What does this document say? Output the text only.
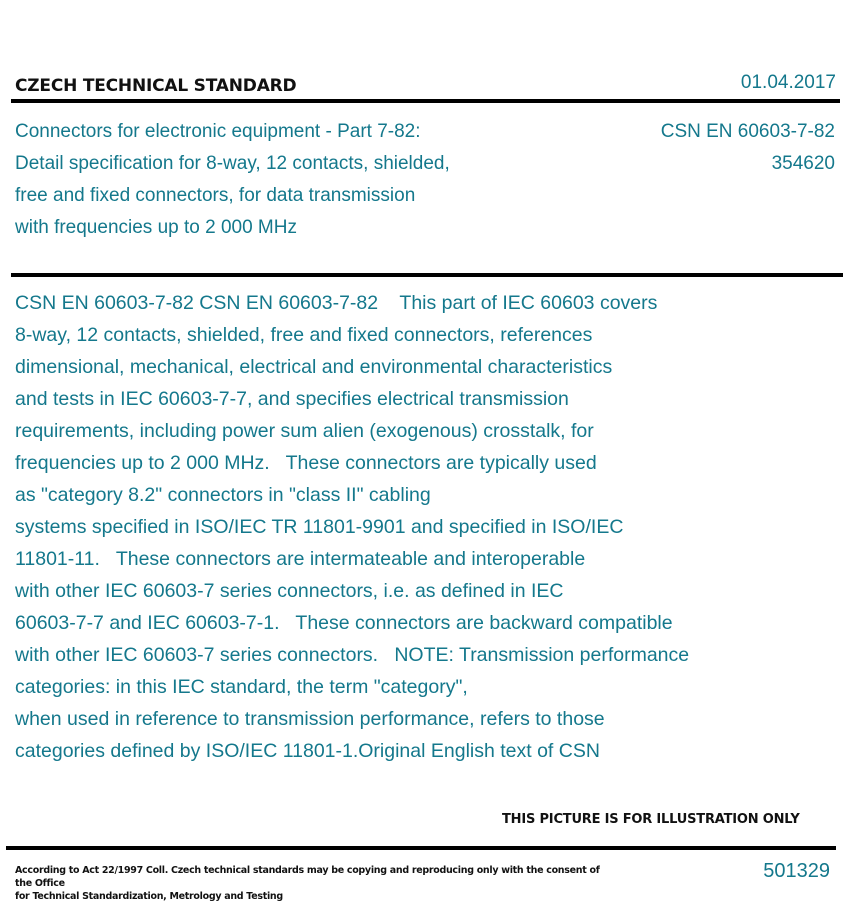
CZECH TECHNICAL STANDARD	01.04.2017
Connectors for electronic equipment - Part 7-82:
Detail specification for 8-way, 12 contacts, shielded,
free and fixed connectors, for data transmission
with frequencies up to 2 000 MHz
CSN EN 60603-7-82
354620
CSN EN 60603-7-82 CSN EN 60603-7-82    This part of IEC 60603 covers
8-way, 12 contacts, shielded, free and fixed connectors, references
dimensional, mechanical, electrical and environmental characteristics
and tests in IEC 60603-7-7, and specifies electrical transmission
requirements, including power sum alien (exogenous) crosstalk, for
frequencies up to 2 000 MHz.   These connectors are typically used
as "category 8.2" connectors in "class II" cabling
systems specified in ISO/IEC TR 11801-9901 and specified in ISO/IEC
11801-11.   These connectors are intermateable and interoperable
with other IEC 60603-7 series connectors, i.e. as defined in IEC
60603-7-7 and IEC 60603-7-1.   These connectors are backward compatible
with other IEC 60603-7 series connectors.   NOTE: Transmission performance
categories: in this IEC standard, the term "category",
when used in reference to transmission performance, refers to those
categories defined by ISO/IEC 11801-1.Original English text of CSN
THIS PICTURE IS FOR ILLUSTRATION ONLY
According to Act 22/1997 Coll. Czech technical standards may be copying and reproducing only with the consent of the Office
for Technical Standardization, Metrology and Testing
501329
